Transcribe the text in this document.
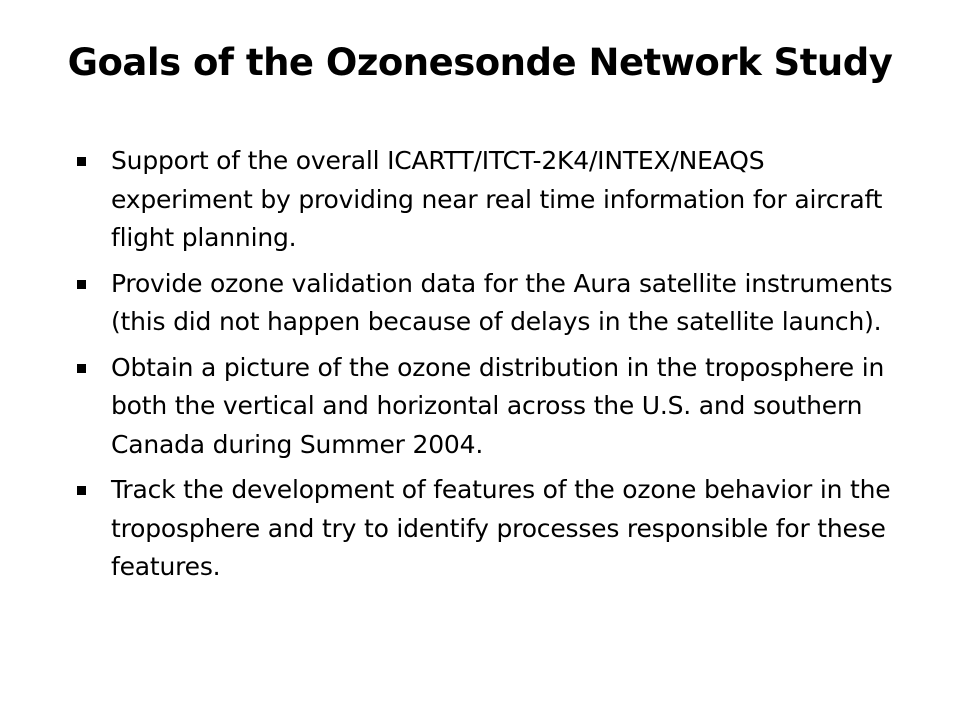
Goals of the Ozonesonde Network Study
Support of the overall ICARTT/ITCT-2K4/INTEX/NEAQS experiment by providing near real time information for aircraft flight planning.
Provide ozone validation data for the Aura satellite instruments (this did not happen because of delays in the satellite launch).
Obtain a picture of the ozone distribution in the troposphere in both the vertical and horizontal across the U.S. and southern Canada during Summer 2004.
Track the development of features of the ozone behavior in the troposphere and try to identify processes responsible for these features.
